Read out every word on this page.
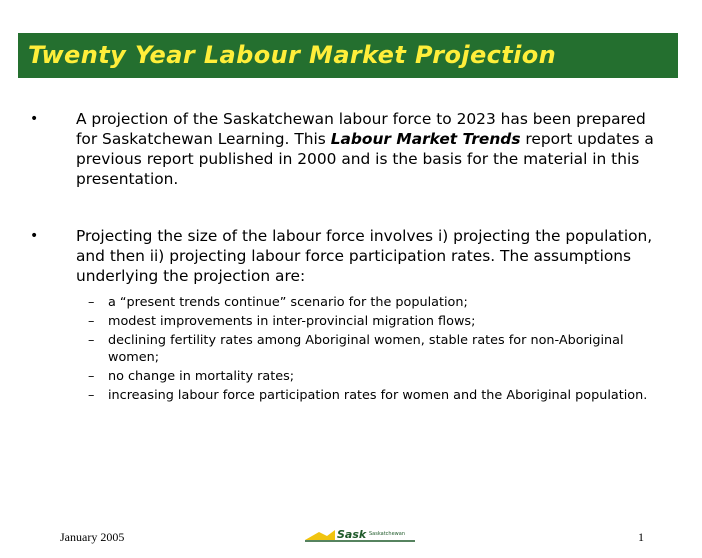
Twenty Year Labour Market Projection
• A projection of the Saskatchewan labour force to 2023 has been prepared for Saskatchewan Learning. This Labour Market Trends report updates a previous report published in 2000 and is the basis for the material in this presentation.
• Projecting the size of the labour force involves i) projecting the population, and then ii) projecting labour force participation rates. The assumptions underlying the projection are:
– a “present trends continue” scenario for the population;
– modest improvements in inter-provincial migration flows;
– declining fertility rates among Aboriginal women, stable rates for non-Aboriginal women;
– no change in mortality rates;
– increasing labour force participation rates for women and the Aboriginal population.
January 2005	Sask Saskatchewan	1
